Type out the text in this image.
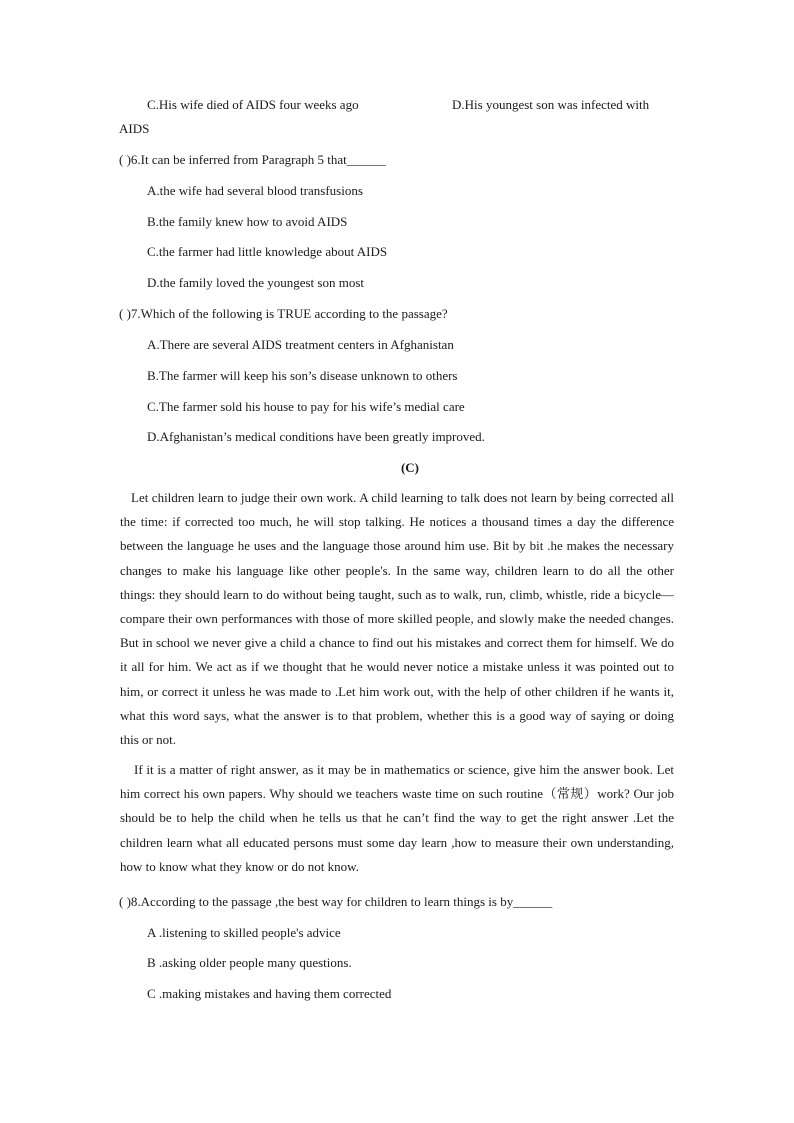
C.His wife died of AIDS four weeks ago	D.His youngest son was infected with
AIDS
( )6.It can be inferred from Paragraph 5 that______
A.the wife had several blood transfusions
B.the family knew how to avoid AIDS
C.the farmer had little knowledge about AIDS
D.the family loved the youngest son most
( )7.Which of the following is TRUE according to the passage?
A.There are several AIDS treatment centers in Afghanistan
B.The farmer will keep his son’s disease unknown to others
C.The farmer sold his house to pay for his wife’s medial care
D.Afghanistan’s medical conditions have been greatly improved.
(C)

Let children learn to judge their own work. A child learning to talk does not learn by being corrected all the time: if corrected too much, he will stop talking. He notices a thousand times a day the difference between the language he uses and the language those around him use. Bit by bit .he makes the necessary changes to make his language like other people's. In the same way, children learn to do all the other things: they should learn to do without being taught, such as to walk, run, climb, whistle, ride a bicycle—compare their own performances with those of more skilled people, and slowly make the needed changes. But in school we never give a child a chance to find out his mistakes and correct them for himself. We do it all for him. We act as if we thought that he would never notice a mistake unless it was pointed out to him, or correct it unless he was made to .Let him work out, with the help of other children if he wants it, what this word says, what the answer is to that problem, whether this is a good way of saying or doing this or not.

If it is a matter of right answer, as it may be in mathematics or science, give him the answer book. Let him correct his own papers. Why should we teachers waste time on such routine（常规）work? Our job should be to help the child when he tells us that he can’t find the way to get the right answer .Let the children learn what all educated persons must some day learn ,how to measure their own understanding, how to know what they know or do not know.

( )8.According to the passage ,the best way for children to learn things is by______
A .listening to skilled people's advice
B .asking older people many questions.
C .making mistakes and having them corrected
